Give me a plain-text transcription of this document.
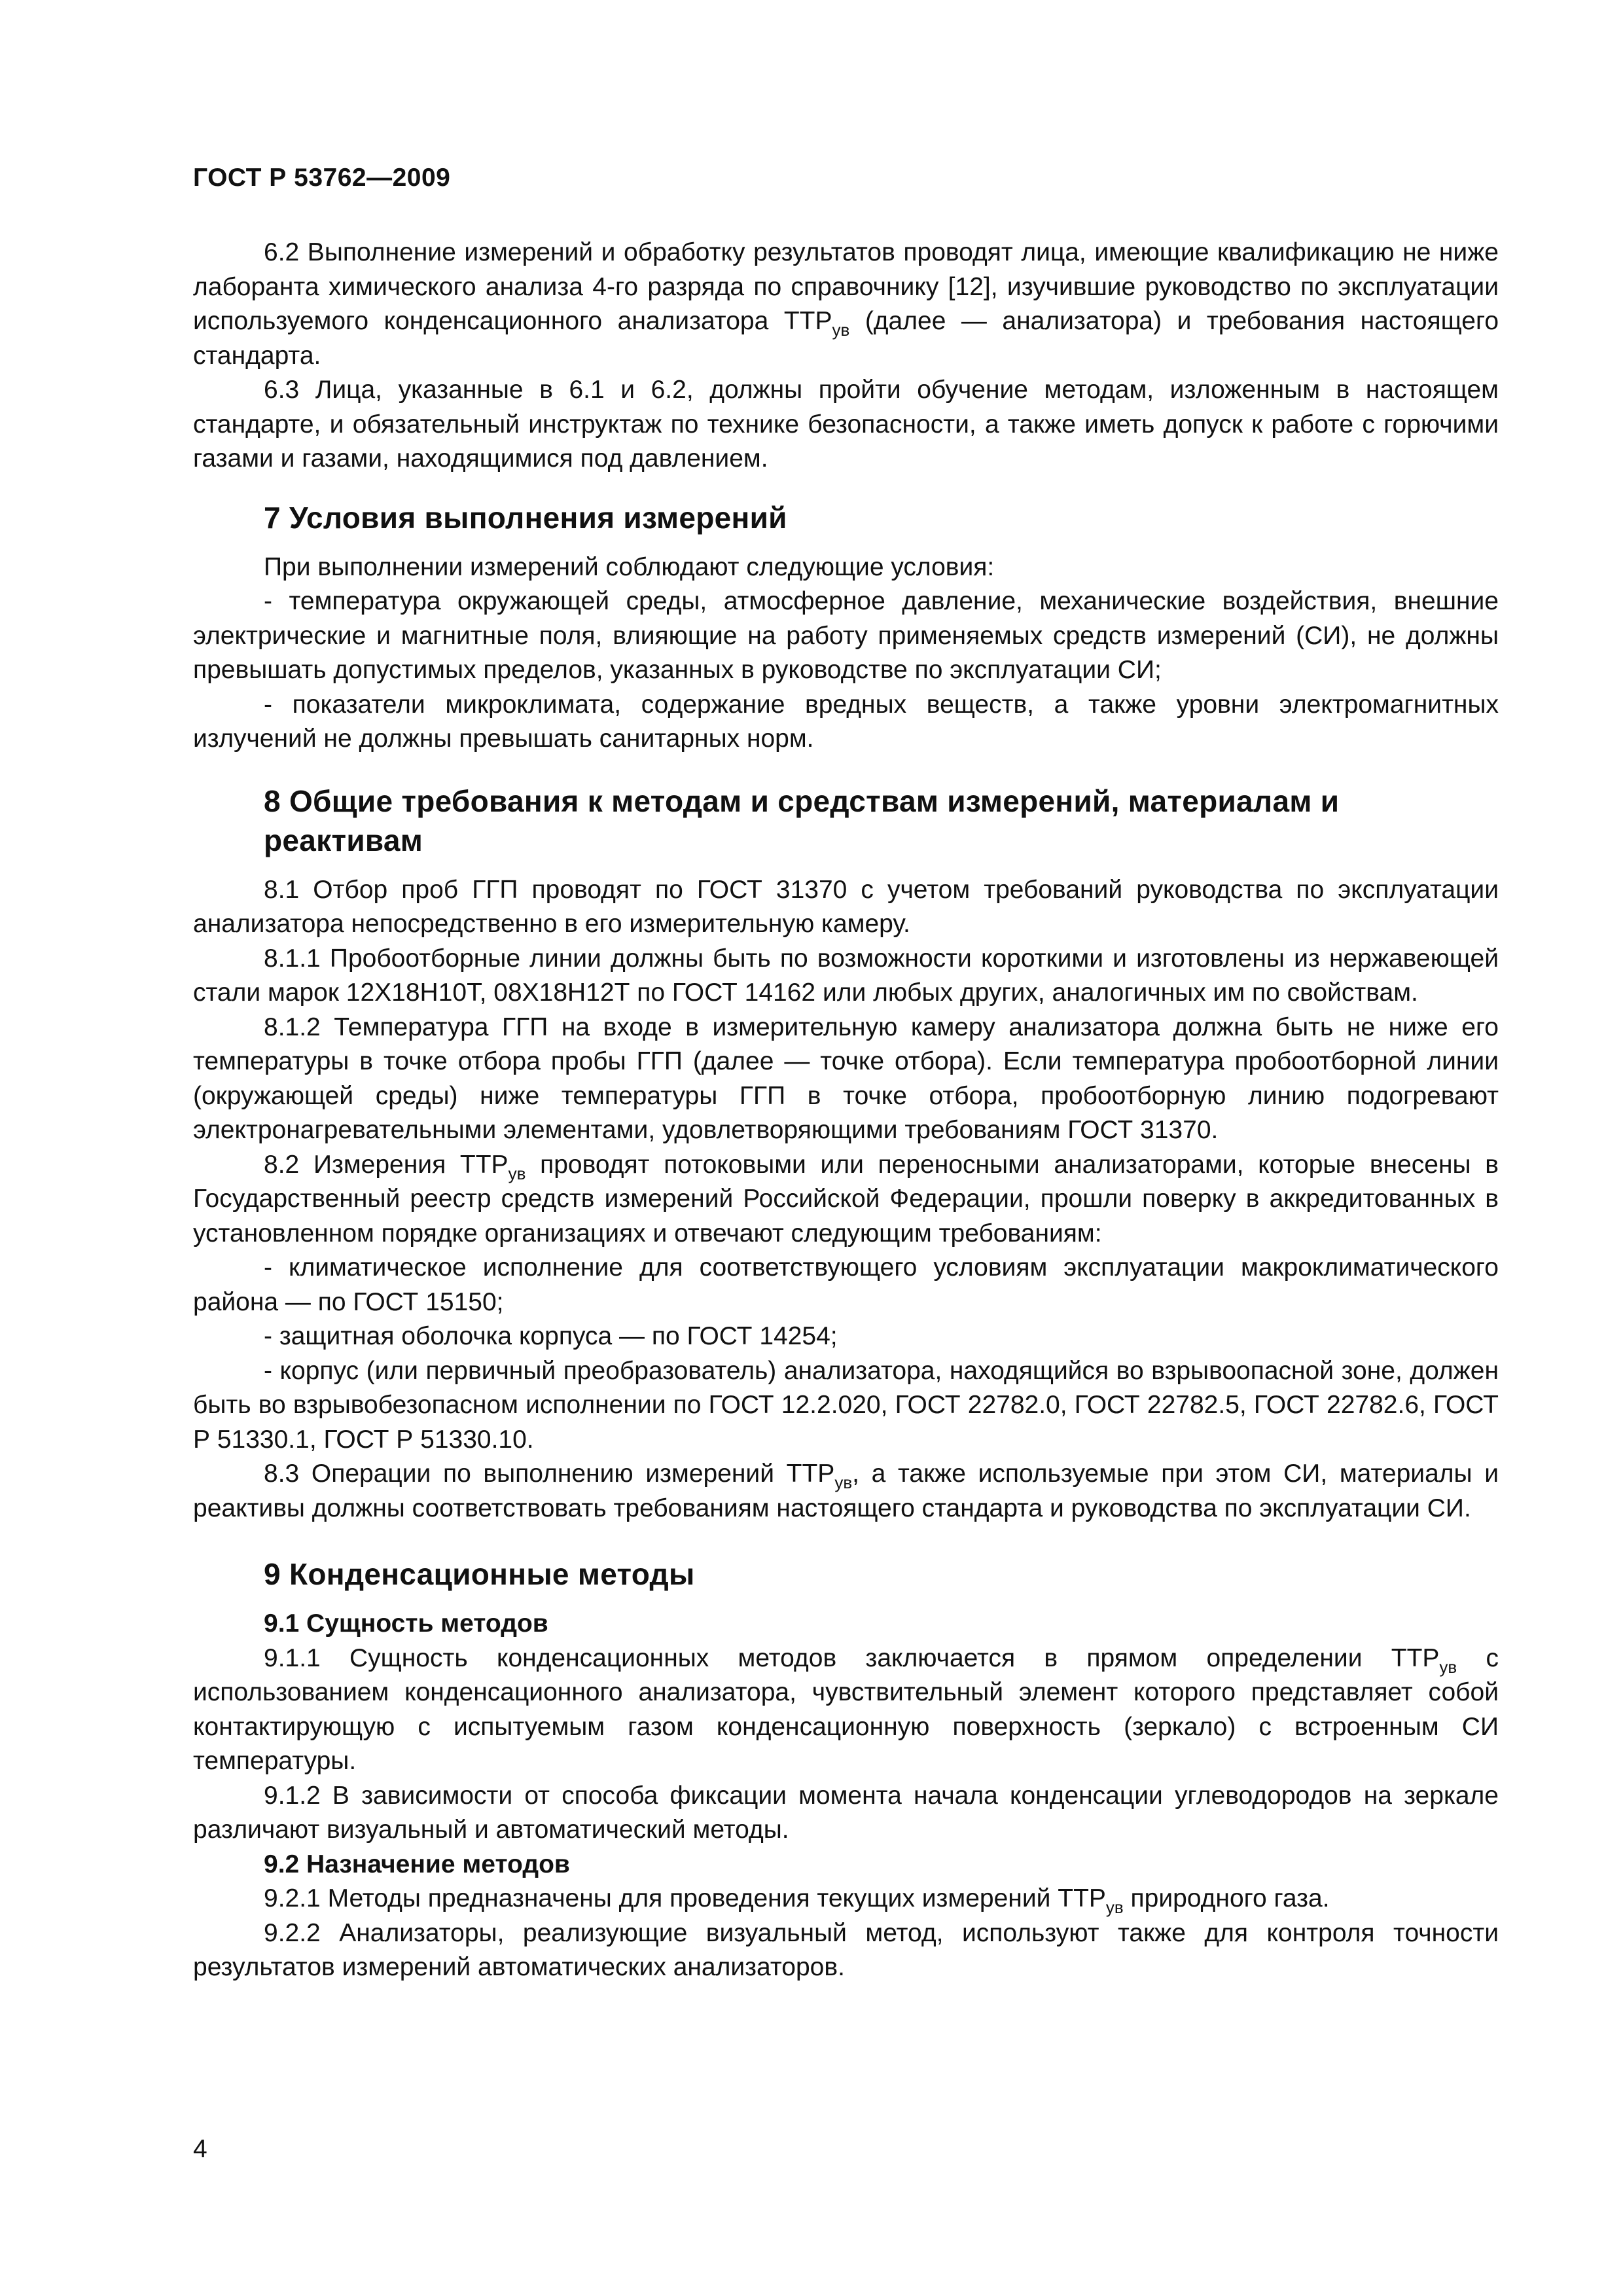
ГОСТ Р 53762—2009

6.2 Выполнение измерений и обработку результатов проводят лица, имеющие квалификацию не ниже лаборанта химического анализа 4-го разряда по справочнику [12], изучившие руководство по эксплуатации используемого конденсационного анализатора $ТТР_{ув}$ (далее — анализатора) и требования настоящего стандарта.

6.3 Лица, указанные в 6.1 и 6.2, должны пройти обучение методам, изложенным в настоящем стандарте, и обязательный инструктаж по технике безопасности, а также иметь допуск к работе с горючими газами и газами, находящимися под давлением.

7 Условия выполнения измерений

При выполнении измерений соблюдают следующие условия:

- температура окружающей среды, атмосферное давление, механические воздействия, внешние электрические и магнитные поля, влияющие на работу применяемых средств измерений (СИ), не должны превышать допустимых пределов, указанных в руководстве по эксплуатации СИ;

- показатели микроклимата, содержание вредных веществ, а также уровни электромагнитных излучений не должны превышать санитарных норм.

8 Общие требования к методам и средствам измерений, материалам и реактивам

8.1 Отбор проб ГГП проводят по ГОСТ 31370 с учетом требований руководства по эксплуатации анализатора непосредственно в его измерительную камеру.

8.1.1 Пробоотборные линии должны быть по возможности короткими и изготовлены из нержавеющей стали марок 12Х18Н10Т, 08Х18Н12Т по ГОСТ 14162 или любых других, аналогичных им по свойствам.

8.1.2 Температура ГГП на входе в измерительную камеру анализатора должна быть не ниже его температуры в точке отбора пробы ГГП (далее — точке отбора). Если температура пробоотборной линии (окружающей среды) ниже температуры ГГП в точке отбора, пробоотборную линию подогревают электронагревательными элементами, удовлетворяющими требованиям ГОСТ 31370.

8.2 Измерения $ТТР_{ув}$ проводят потоковыми или переносными анализаторами, которые внесены в Государственный реестр средств измерений Российской Федерации, прошли поверку в аккредитованных в установленном порядке организациях и отвечают следующим требованиям:

- климатическое исполнение для соответствующего условиям эксплуатации макроклиматического района — по ГОСТ 15150;

- защитная оболочка корпуса — по ГОСТ 14254;

- корпус (или первичный преобразователь) анализатора, находящийся во взрывоопасной зоне, должен быть во взрывобезопасном исполнении по ГОСТ 12.2.020, ГОСТ 22782.0, ГОСТ 22782.5, ГОСТ 22782.6, ГОСТ Р 51330.1, ГОСТ Р 51330.10.

8.3 Операции по выполнению измерений $ТТР_{ув}$, а также используемые при этом СИ, материалы и реактивы должны соответствовать требованиям настоящего стандарта и руководства по эксплуатации СИ.

9 Конденсационные методы
9.1 Сущность методов

9.1.1 Сущность конденсационных методов заключается в прямом определении $ТТР_{ув}$ с использованием конденсационного анализатора, чувствительный элемент которого представляет собой контактирующую с испытуемым газом конденсационную поверхность (зеркало) с встроенным СИ температуры.

9.1.2 В зависимости от способа фиксации момента начала конденсации углеводородов на зеркале различают визуальный и автоматический методы.

9.2 Назначение методов

9.2.1 Методы предназначены для проведения текущих измерений $ТТР_{ув}$ природного газа.

9.2.2 Анализаторы, реализующие визуальный метод, используют также для контроля точности результатов измерений автоматических анализаторов.

4
